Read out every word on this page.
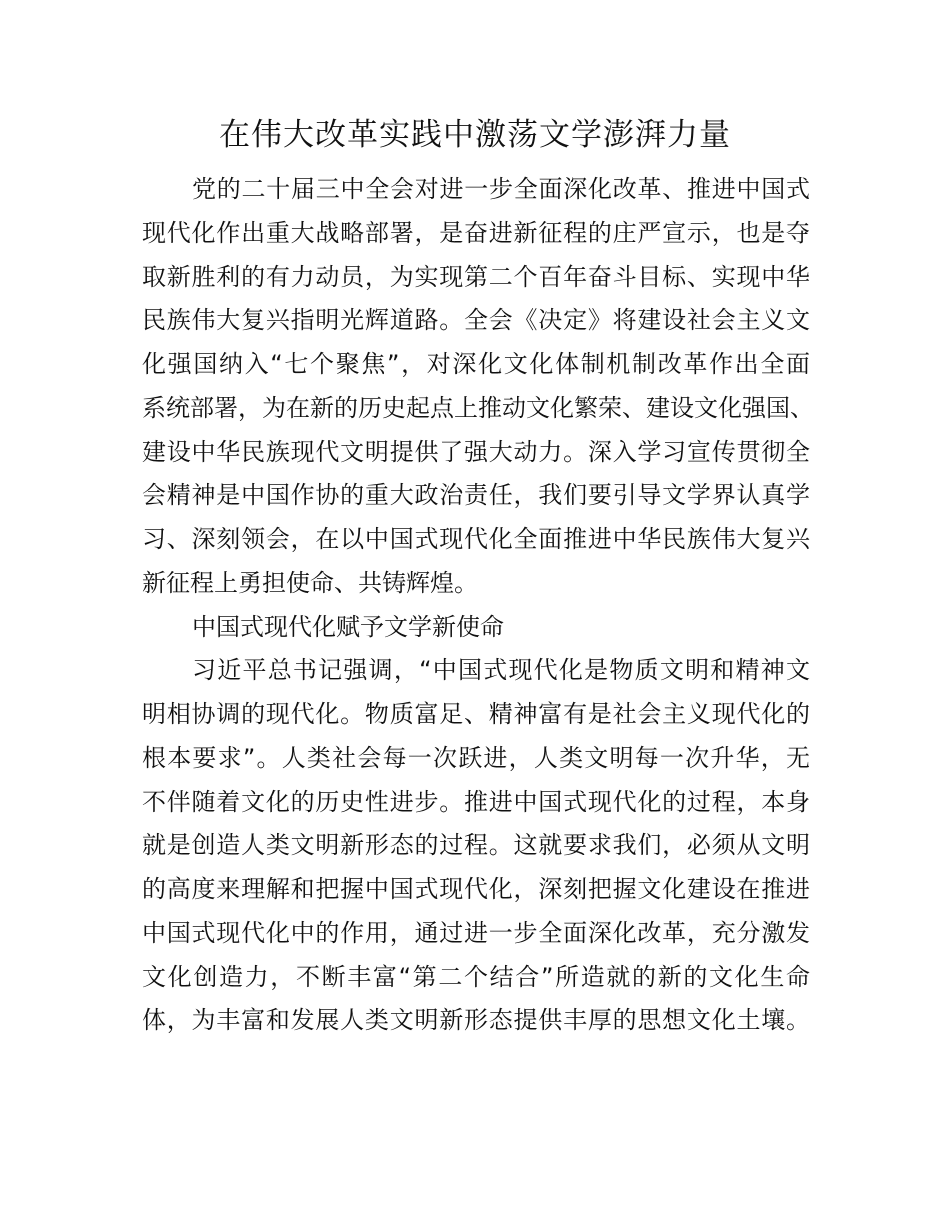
在伟大改革实践中激荡文学澎湃力量
党的二十届三中全会对进一步全面深化改革、推进中国式
现代化作出重大战略部署，是奋进新征程的庄严宣示，也是夺
取新胜利的有力动员，为实现第二个百年奋斗目标、实现中华
民族伟大复兴指明光辉道路。全会《决定》将建设社会主义文
化强国纳入“七个聚焦”，对深化文化体制机制改革作出全面
系统部署，为在新的历史起点上推动文化繁荣、建设文化强国、
建设中华民族现代文明提供了强大动力。深入学习宣传贯彻全
会精神是中国作协的重大政治责任，我们要引导文学界认真学
习、深刻领会，在以中国式现代化全面推进中华民族伟大复兴
新征程上勇担使命、共铸辉煌。
中国式现代化赋予文学新使命
习近平总书记强调，“中国式现代化是物质文明和精神文
明相协调的现代化。物质富足、精神富有是社会主义现代化的
根本要求”。人类社会每一次跃进，人类文明每一次升华，无
不伴随着文化的历史性进步。推进中国式现代化的过程，本身
就是创造人类文明新形态的过程。这就要求我们，必须从文明
的高度来理解和把握中国式现代化，深刻把握文化建设在推进
中国式现代化中的作用，通过进一步全面深化改革，充分激发
文化创造力，不断丰富“第二个结合”所造就的新的文化生命
体，为丰富和发展人类文明新形态提供丰厚的思想文化土壤。
